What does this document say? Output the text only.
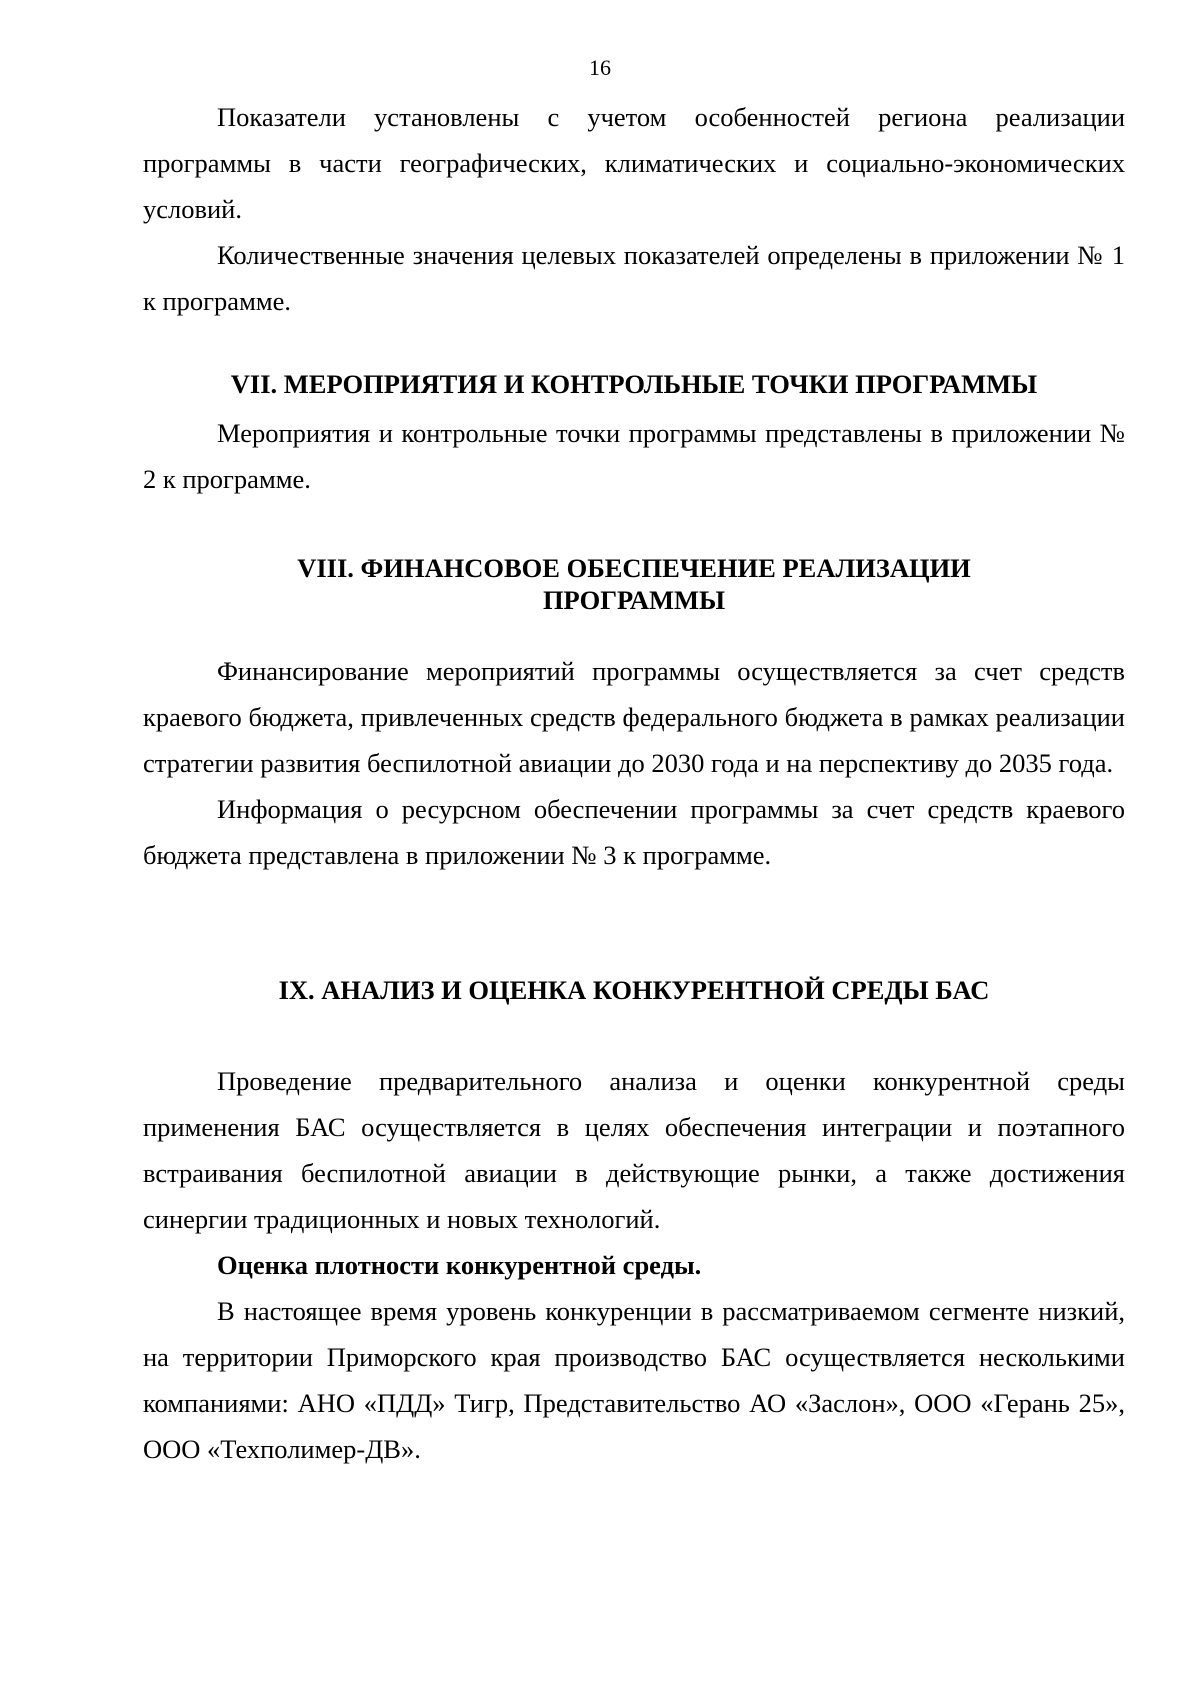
16

Показатели установлены с учетом особенностей региона реализации программы в части географических, климатических и социально-экономических условий.

Количественные значения целевых показателей определены в приложении № 1 к программе.

VII. МЕРОПРИЯТИЯ И КОНТРОЛЬНЫЕ ТОЧКИ ПРОГРАММЫ

Мероприятия и контрольные точки программы представлены в приложении № 2 к программе.

VIII. ФИНАНСОВОЕ ОБЕСПЕЧЕНИЕ РЕАЛИЗАЦИИ
ПРОГРАММЫ

Финансирование мероприятий программы осуществляется за счет средств краевого бюджета, привлеченных средств федерального бюджета в рамках реализации стратегии развития беспилотной авиации до 2030 года и на перспективу до 2035 года.

Информация о ресурсном обеспечении программы за счет средств краевого бюджета представлена в приложении № 3 к программе.

IX. АНАЛИЗ И ОЦЕНКА КОНКУРЕНТНОЙ СРЕДЫ БАС

Проведение предварительного анализа и оценки конкурентной среды применения БАС осуществляется в целях обеспечения интеграции и поэтапного встраивания беспилотной авиации в действующие рынки, а также достижения синергии традиционных и новых технологий.

Оценка плотности конкурентной среды.

В настоящее время уровень конкуренции в рассматриваемом сегменте низкий, на территории Приморского края производство БАС осуществляется несколькими компаниями: АНО «ПДД» Тигр, Представительство АО «Заслон», ООО «Герань 25», ООО «Техполимер-ДВ».
